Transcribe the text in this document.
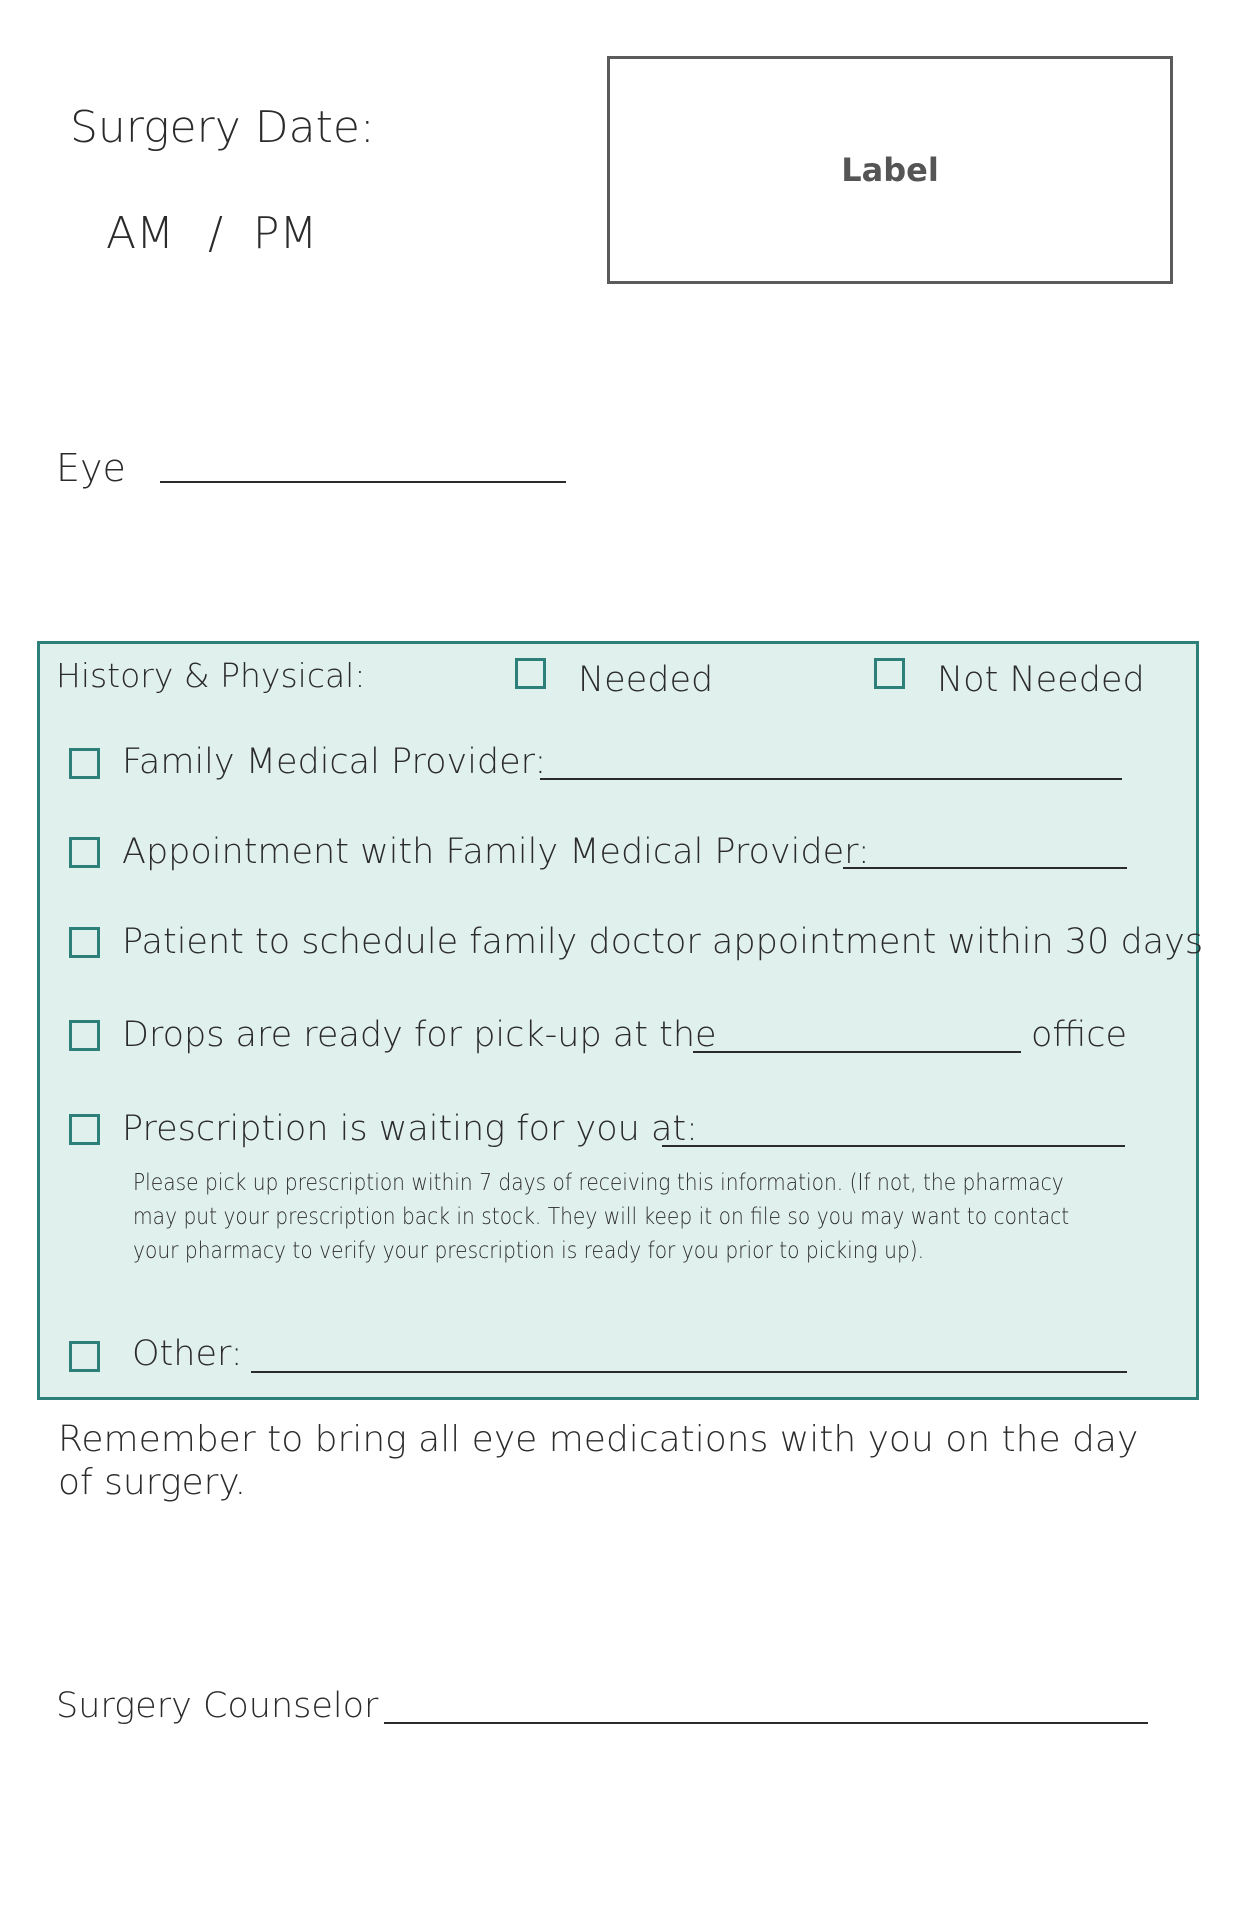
Surgery Date:
AM / PM
Label
Eye
History & Physical:	Needed	Not Needed
Family Medical Provider:
Appointment with Family Medical Provider:
Patient to schedule family doctor appointment within 30 days
Drops are ready for pick-up at the	office
Prescription is waiting for you at:
Please pick up prescription within 7 days of receiving this information. (If not, the pharmacy
may put your prescription back in stock. They will keep it on file so you may want to contact
your pharmacy to verify your prescription is ready for you prior to picking up).
Other:
Remember to bring all eye medications with you on the day of surgery.
Surgery Counselor
